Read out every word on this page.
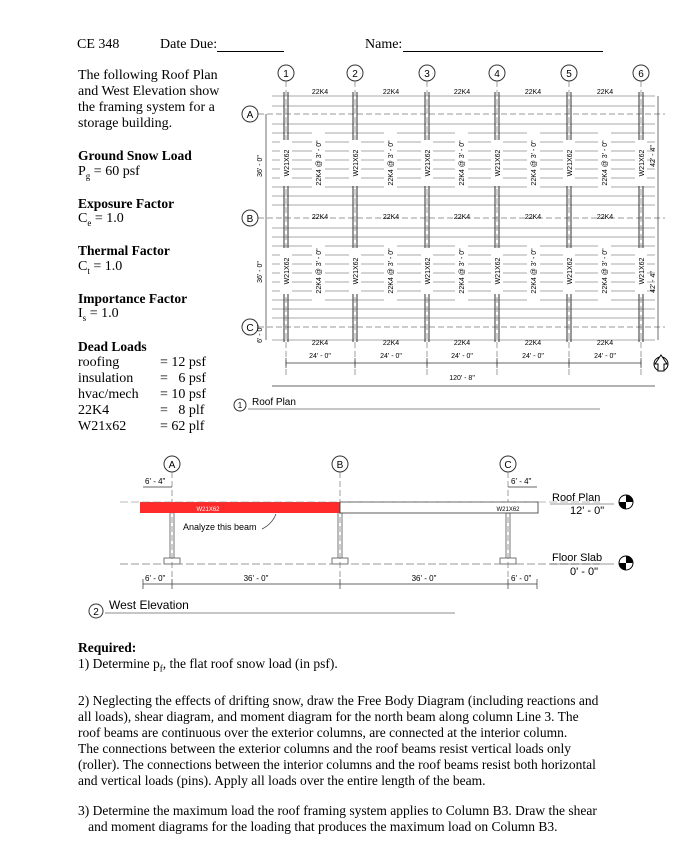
CE 348	Date Due:	Name:
The following Roof Plan
and West Elevation show
the framing system for a
storage building.
Ground Snow Load
$P_g = 60$ psf
Exposure Factor
$C_e = 1.0$
Thermal Factor
$C_t = 1.0$
Importance Factor
$I_s = 1.0$
Dead Loads
roofing	= 12 psf
insulation	=   6 psf
hvac/mech	= 10 psf
22K4	=   8 plf
W21x62	= 62 plf
1	2	3	4	5	6
A
B
C
22K4	22K4	22K4	22K4	22K4
22K4	22K4	22K4	22K4	22K4
22K4	22K4	22K4	22K4	22K4
22K4 @ 3' - 0"	22K4 @ 3' - 0"	22K4 @ 3' - 0"	22K4 @ 3' - 0"	22K4 @ 3' - 0"
22K4 @ 3' - 0"	22K4 @ 3' - 0"	22K4 @ 3' - 0"	22K4 @ 3' - 0"	22K4 @ 3' - 0"
W21X62	W21X62	W21X62	W21X62	W21X62	W21X62
W21X62	W21X62	W21X62	W21X62	W21X62	W21X62
36' - 0"
36' - 0"
6' - 0"
42' - 4"
42' - 4"
24' - 0"	24' - 0"	24' - 0"	24' - 0"	24' - 0"
120' - 8"
1 Roof Plan
A	B	C
6' - 4"	6' - 4"
W21X62	W21X62
Analyze this beam
Roof Plan
12' - 0"
Floor Slab
0' - 0"
6' - 0"	36' - 0"	36' - 0"	6' - 0"
2
West Elevation
Required:
1) Determine $p_f$, the flat roof snow load (in psf).
2) Neglecting the effects of drifting snow, draw the Free Body Diagram (including reactions and
all loads), shear diagram, and moment diagram for the north beam along column Line 3. The
roof beams are continuous over the exterior columns, are connected at the interior column.
The connections between the exterior columns and the roof beams resist vertical loads only
(roller). The connections between the interior columns and the roof beams resist both horizontal
and vertical loads (pins). Apply all loads over the entire length of the beam.
3) Determine the maximum load the roof framing system applies to Column B3. Draw the shear
and moment diagrams for the loading that produces the maximum load on Column B3.
